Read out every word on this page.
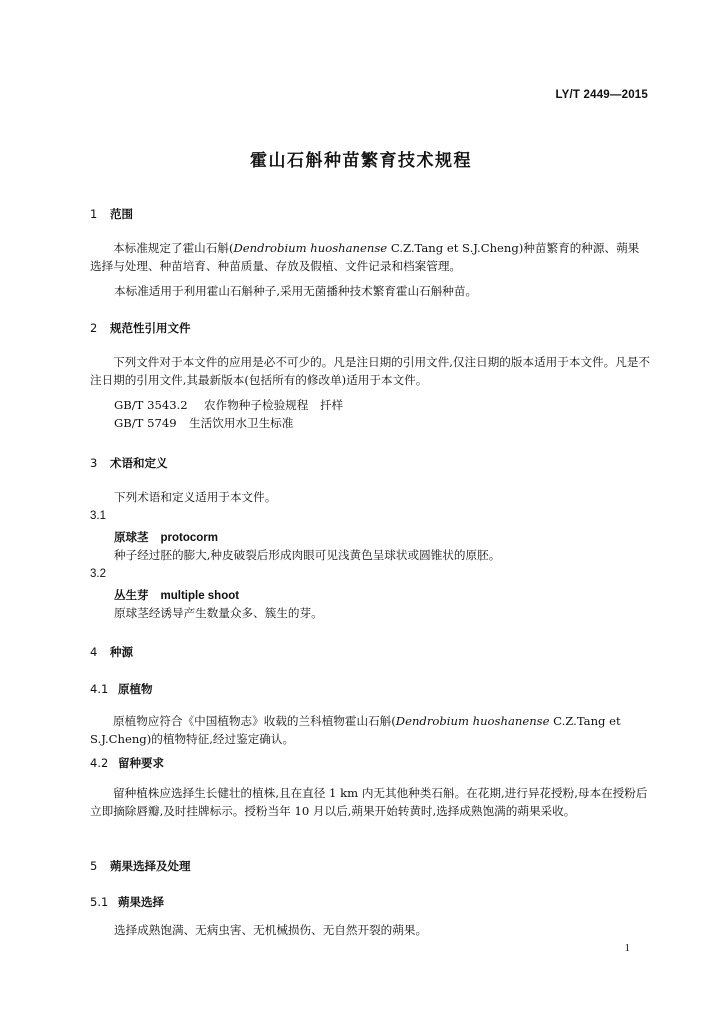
LY/T 2449—2015
霍山石斛种苗繁育技术规程
1 范围
本标准规定了霍山石斛(Dendrobium huoshanense C.Z.Tang et S.J.Cheng)种苗繁育的种源、蒴果选择与处理、种苗培育、种苗质量、存放及假植、文件记录和档案管理。
本标准适用于利用霍山石斛种子,采用无菌播种技术繁育霍山石斛种苗。
2 规范性引用文件
下列文件对于本文件的应用是必不可少的。凡是注日期的引用文件,仅注日期的版本适用于本文件。凡是不注日期的引用文件,其最新版本(包括所有的修改单)适用于本文件。
GB/T 3543.2 农作物种子检验规程　扦样
GB/T 5749 生活饮用水卫生标准
3 术语和定义
下列术语和定义适用于本文件。
3.1
原球茎 protocorm
种子经过胚的膨大,种皮破裂后形成肉眼可见浅黄色呈球状或圆锥状的原胚。
3.2
丛生芽 multiple shoot
原球茎经诱导产生数量众多、簇生的芽。
4 种源
4.1 原植物
原植物应符合《中国植物志》收载的兰科植物霍山石斛(Dendrobium huoshanense C.Z.Tang et S.J.Cheng)的植物特征,经过鉴定确认。
4.2 留种要求
留种植株应选择生长健壮的植株,且在直径 1 km 内无其他种类石斛。在花期,进行异花授粉,母本在授粉后立即摘除唇瓣,及时挂牌标示。授粉当年 10 月以后,蒴果开始转黄时,选择成熟饱满的蒴果采收。
5 蒴果选择及处理
5.1 蒴果选择
选择成熟饱满、无病虫害、无机械损伤、无自然开裂的蒴果。
1
